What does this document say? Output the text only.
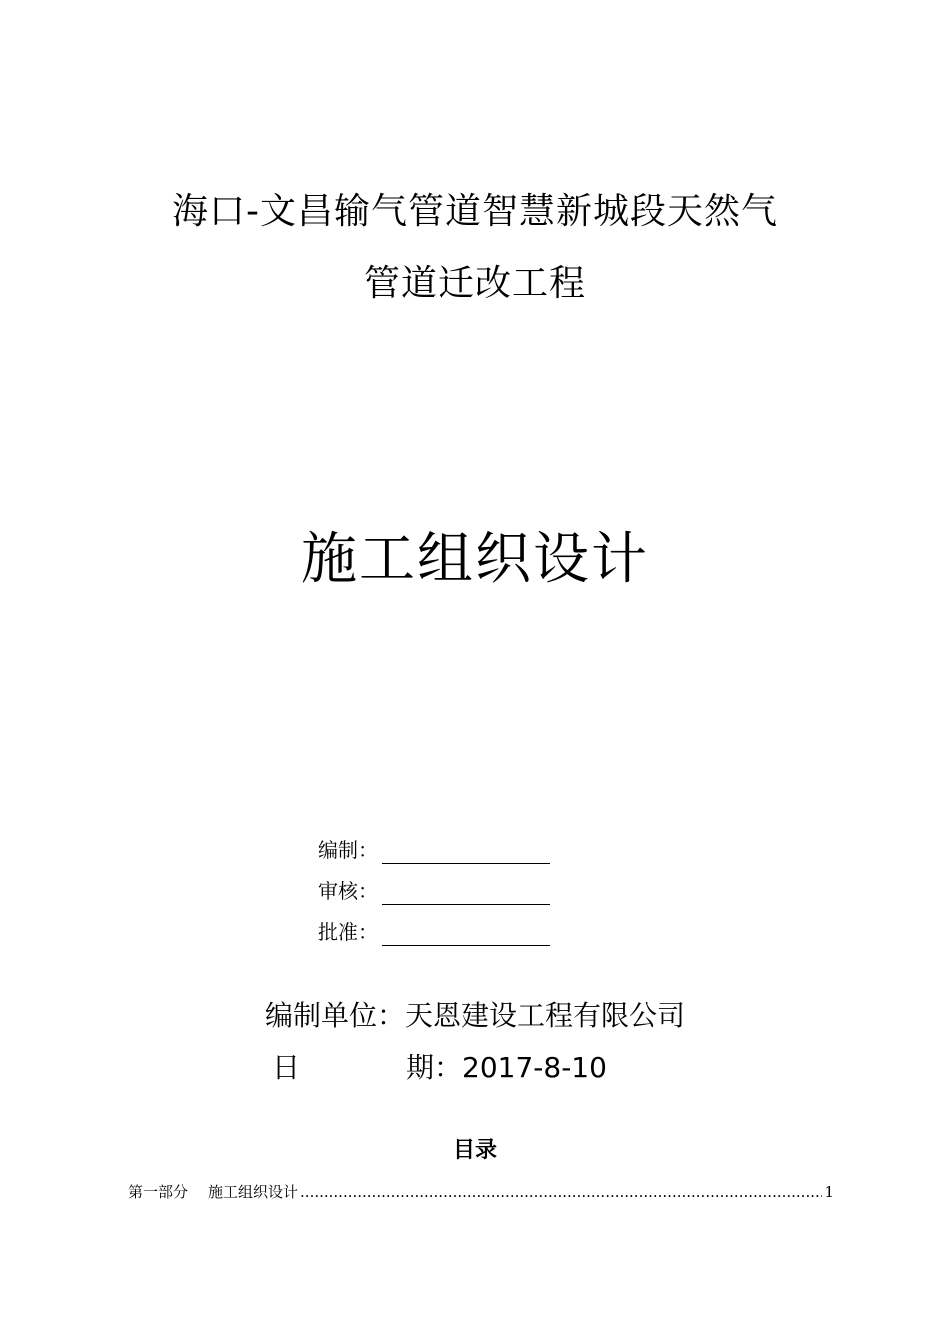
海口-文昌输气管道智慧新城段天然气
管道迁改工程
施工组织设计
编制：
审核：
批准：
编制单位：天恩建设工程有限公司
日	期：2017-8-10
目录
第一部分 施工组织设计
.....	1
